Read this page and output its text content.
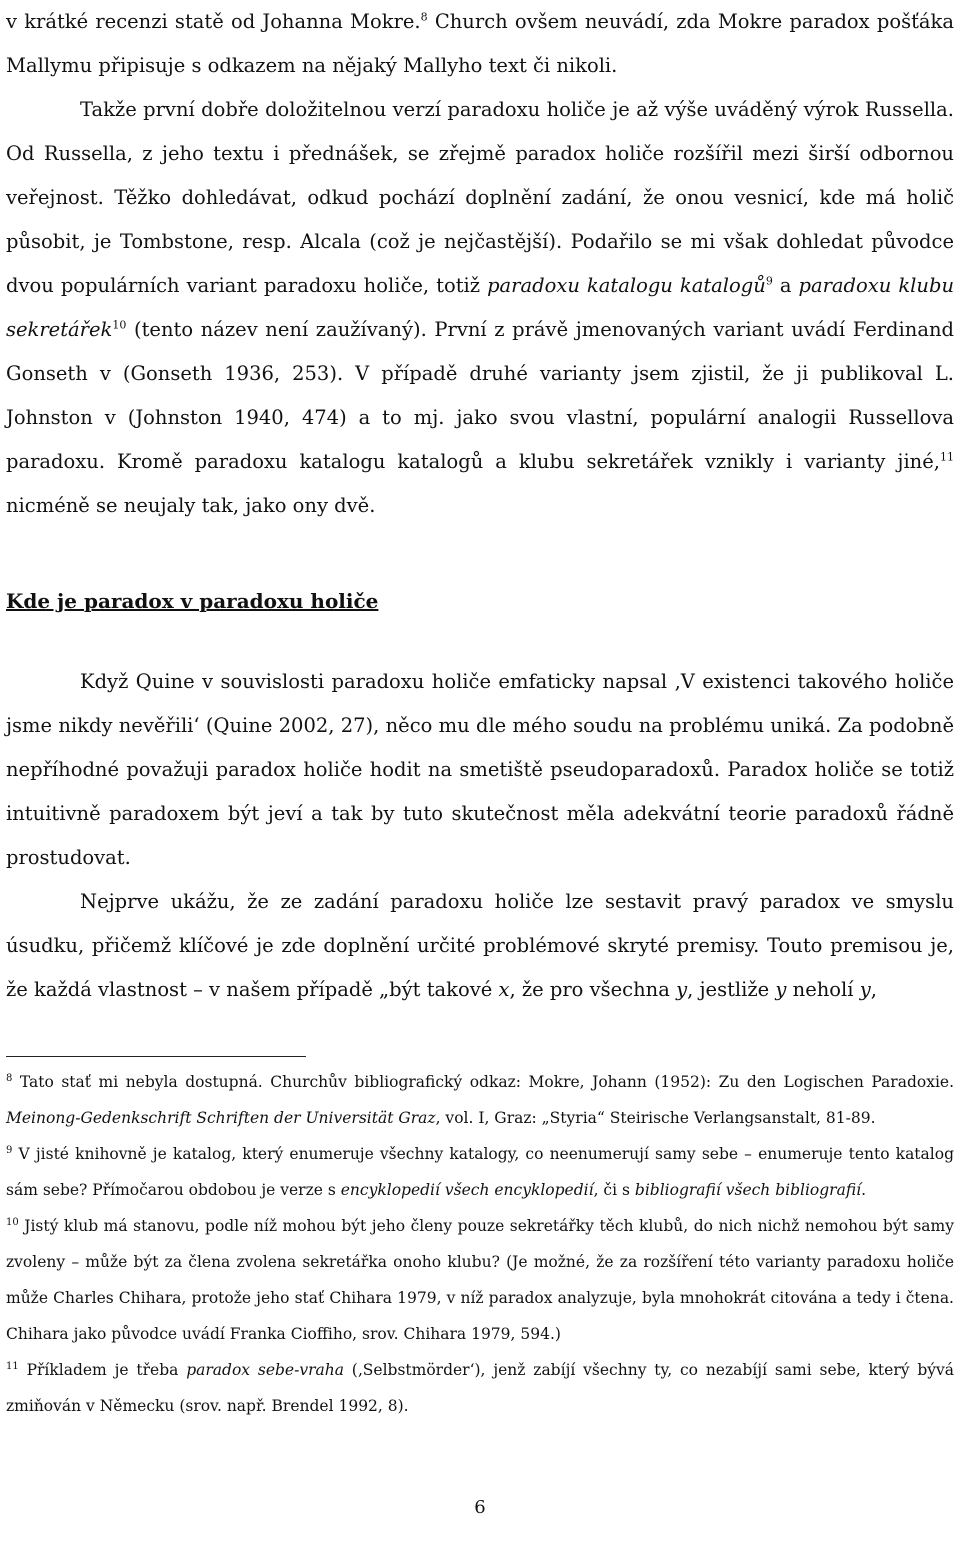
v krátké recenzi statě od Johanna Mokre.$^8$ Church ovšem neuvádí, zda Mokre paradox pošťáka Mallymu připisuje s odkazem na nějaký Mallyho text či nikoli.

Takže první dobře doložitelnou verzí paradoxu holiče je až výše uváděný výrok Russella. Od Russella, z jeho textu i přednášek, se zřejmě paradox holiče rozšířil mezi širší odbornou veřejnost. Těžko dohledávat, odkud pochází doplnění zadání, že onou vesnicí, kde má holič působit, je Tombstone, resp. Alcala (což je nejčastější). Podařilo se mi však dohledat původce dvou populárních variant paradoxu holiče, totiž paradoxu katalogu katalogů$^9$ a paradoxu klubu sekretářek$^{10}$ (tento název není zaužívaný). První z právě jmenovaných variant uvádí Ferdinand Gonseth v (Gonseth 1936, 253). V případě druhé varianty jsem zjistil, že ji publikoval L. Johnston v (Johnston 1940, 474) a to mj. jako svou vlastní, populární analogii Russellova paradoxu. Kromě paradoxu katalogu katalogů a klubu sekretářek vznikly i varianty jiné,$^{11}$ nicméně se neujaly tak, jako ony dvě.

Kde je paradox v paradoxu holiče

Když Quine v souvislosti paradoxu holiče emfaticky napsal ‚V existenci takového holiče jsme nikdy nevěřili‘ (Quine 2002, 27), něco mu dle mého soudu na problému uniká. Za podobně nepříhodné považuji paradox holiče hodit na smetiště pseudoparadoxů. Paradox holiče se totiž intuitivně paradoxem být jeví a tak by tuto skutečnost měla adekvátní teorie paradoxů řádně prostudovat.

Nejprve ukážu, že ze zadání paradoxu holiče lze sestavit pravý paradox ve smyslu úsudku, přičemž klíčové je zde doplnění určité problémové skryté premisy. Touto premisou je, že každá vlastnost – v našem případě „být takové x, že pro všechna y, jestliže y neholí y,

$^8$ Tato stať mi nebyla dostupná. Churchův bibliografický odkaz: Mokre, Johann (1952): Zu den Logischen Paradoxie. Meinong-Gedenkschrift Schriften der Universität Graz, vol. I, Graz: „Styria“ Steirische Verlangsanstalt, 81-89.

$^9$ V jisté knihovně je katalog, který enumeruje všechny katalogy, co neenumerují samy sebe – enumeruje tento katalog sám sebe? Přímočarou obdobou je verze s encyklopedií všech encyklopedií, či s bibliografií všech bibliografií.

$^{10}$ Jistý klub má stanovu, podle níž mohou být jeho členy pouze sekretářky těch klubů, do nich nichž nemohou být samy zvoleny – může být za člena zvolena sekretářka onoho klubu? (Je možné, že za rozšíření této varianty paradoxu holiče může Charles Chihara, protože jeho stať Chihara 1979, v níž paradox analyzuje, byla mnohokrát citována a tedy i čtena. Chihara jako původce uvádí Franka Cioffiho, srov. Chihara 1979, 594.)

$^{11}$ Příkladem je třeba paradox sebe-vraha (‚Selbstmörder‘), jenž zabíjí všechny ty, co nezabíjí sami sebe, který bývá zmiňován v Německu (srov. např. Brendel 1992, 8).

6
